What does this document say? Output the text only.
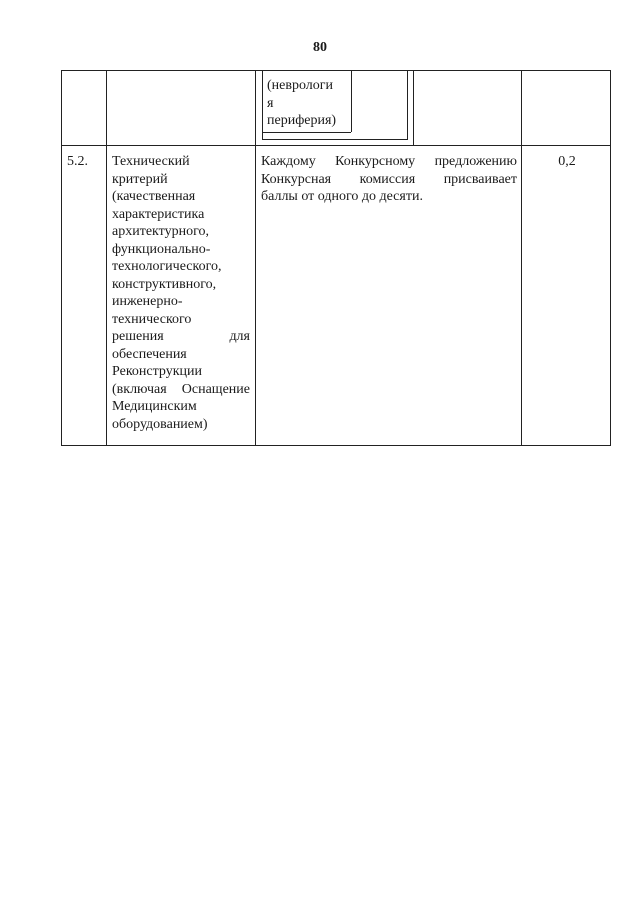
80
(неврологи
я
периферия)
5.2. Технический
критерий
(качественная
характеристика
архитектурного,
функционально-
технологического,
конструктивного,
инженерно-
технического
решения	для
обеспечения
Реконструкции
(включая Оснащение
Медицинским
оборудованием)
Каждому Конкурсному предложению
Конкурсная комиссия присваивает
баллы от одного до десяти.
0,2
